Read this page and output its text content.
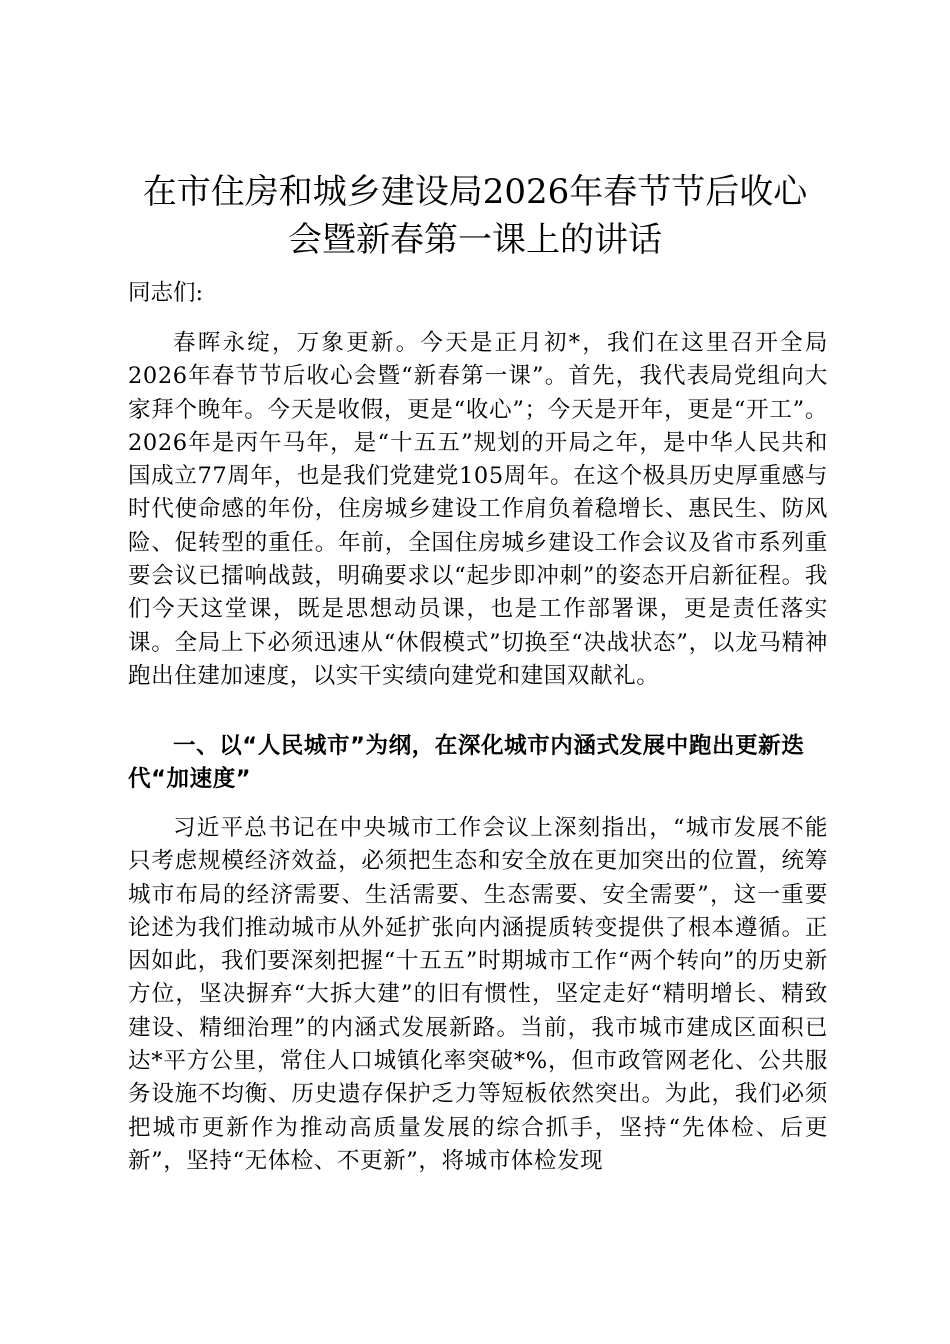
在市住房和城乡建设局2026年春节节后收心
会暨新春第一课上的讲话

同志们:

春晖永绽，万象更新。今天是正月初*，我们在这里召开全局2026年春节节后收心会暨“新春第一课”。首先，我代表局党组向大家拜个晚年。今天是收假，更是“收心”；今天是开年，更是“开工”。2026年是丙午马年，是“十五五”规划的开局之年，是中华人民共和国成立77周年，也是我们党建党105周年。在这个极具历史厚重感与时代使命感的年份，住房城乡建设工作肩负着稳增长、惠民生、防风险、促转型的重任。年前，全国住房城乡建设工作会议及省市系列重要会议已擂响战鼓，明确要求以“起步即冲刺”的姿态开启新征程。我们今天这堂课，既是思想动员课，也是工作部署课，更是责任落实课。全局上下必须迅速从“休假模式”切换至“决战状态”，以龙马精神跑出住建加速度，以实干实绩向建党和建国双献礼。

一、以“人民城市”为纲，在深化城市内涵式发展中跑出更新迭代“加速度”

习近平总书记在中央城市工作会议上深刻指出，“城市发展不能只考虑规模经济效益，必须把生态和安全放在更加突出的位置，统筹城市布局的经济需要、生活需要、生态需要、安全需要”，这一重要论述为我们推动城市从外延扩张向内涵提质转变提供了根本遵循。正因如此，我们要深刻把握“十五五”时期城市工作“两个转向”的历史新方位，坚决摒弃“大拆大建”的旧有惯性，坚定走好“精明增长、精致建设、精细治理”的内涵式发展新路。当前，我市城市建成区面积已达*平方公里，常住人口城镇化率突破*%，但市政管网老化、公共服务设施不均衡、历史遗存保护乏力等短板依然突出。为此，我们必须把城市更新作为推动高质量发展的综合抓手，坚持“先体检、后更新”，坚持“无体检、不更新”，将城市体检发现
